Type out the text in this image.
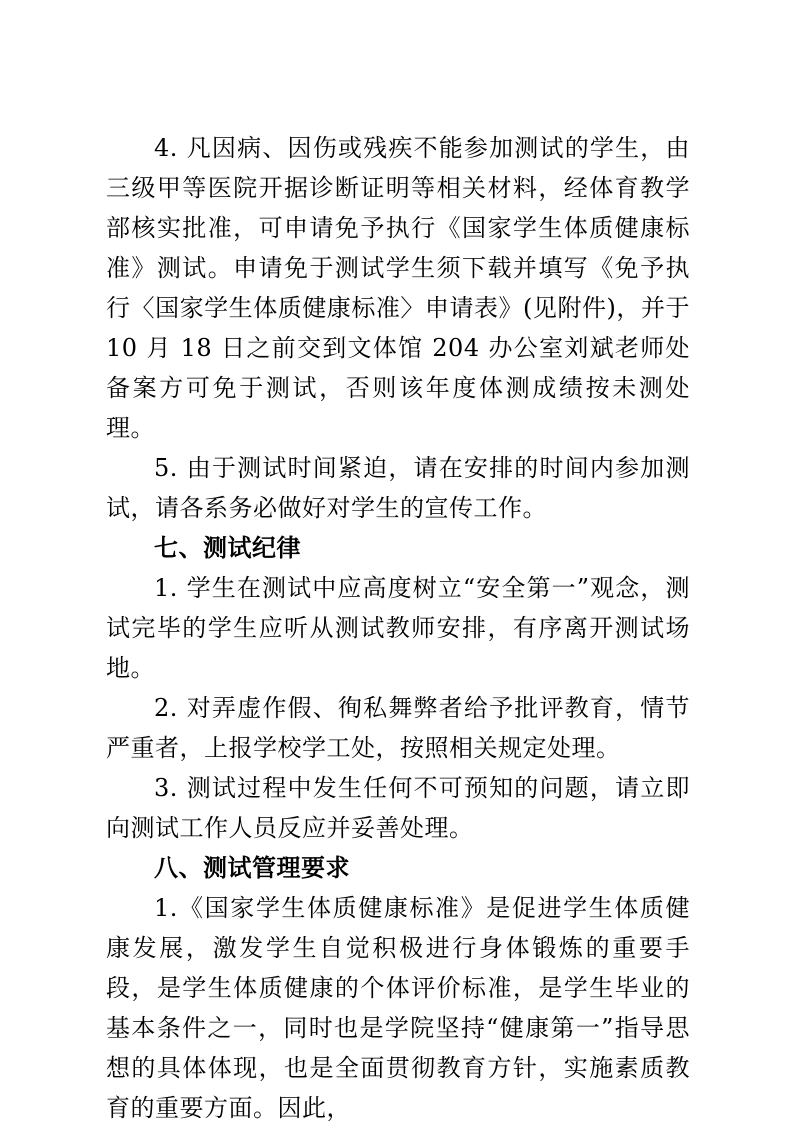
4. 凡因病、因伤或残疾不能参加测试的学生，由三级甲等医院开据诊断证明等相关材料，经体育教学部核实批准，可申请免予执行《国家学生体质健康标准》测试。申请免于测试学生须下载并填写《免予执行〈国家学生体质健康标准〉申请表》(见附件)，并于 10 月 18 日之前交到文体馆 204 办公室刘斌老师处备案方可免于测试，否则该年度体测成绩按未测处理。

5. 由于测试时间紧迫，请在安排的时间内参加测试，请各系务必做好对学生的宣传工作。

七、测试纪律

1. 学生在测试中应高度树立“安全第一”观念，测试完毕的学生应听从测试教师安排，有序离开测试场地。

2. 对弄虚作假、徇私舞弊者给予批评教育，情节严重者，上报学校学工处，按照相关规定处理。

3. 测试过程中发生任何不可预知的问题，请立即向测试工作人员反应并妥善处理。

八、测试管理要求

1.《国家学生体质健康标准》是促进学生体质健康发展，激发学生自觉积极进行身体锻炼的重要手段，是学生体质健康的个体评价标准，是学生毕业的基本条件之一，同时也是学院坚持“健康第一”指导思想的具体体现，也是全面贯彻教育方针，实施素质教育的重要方面。因此，
